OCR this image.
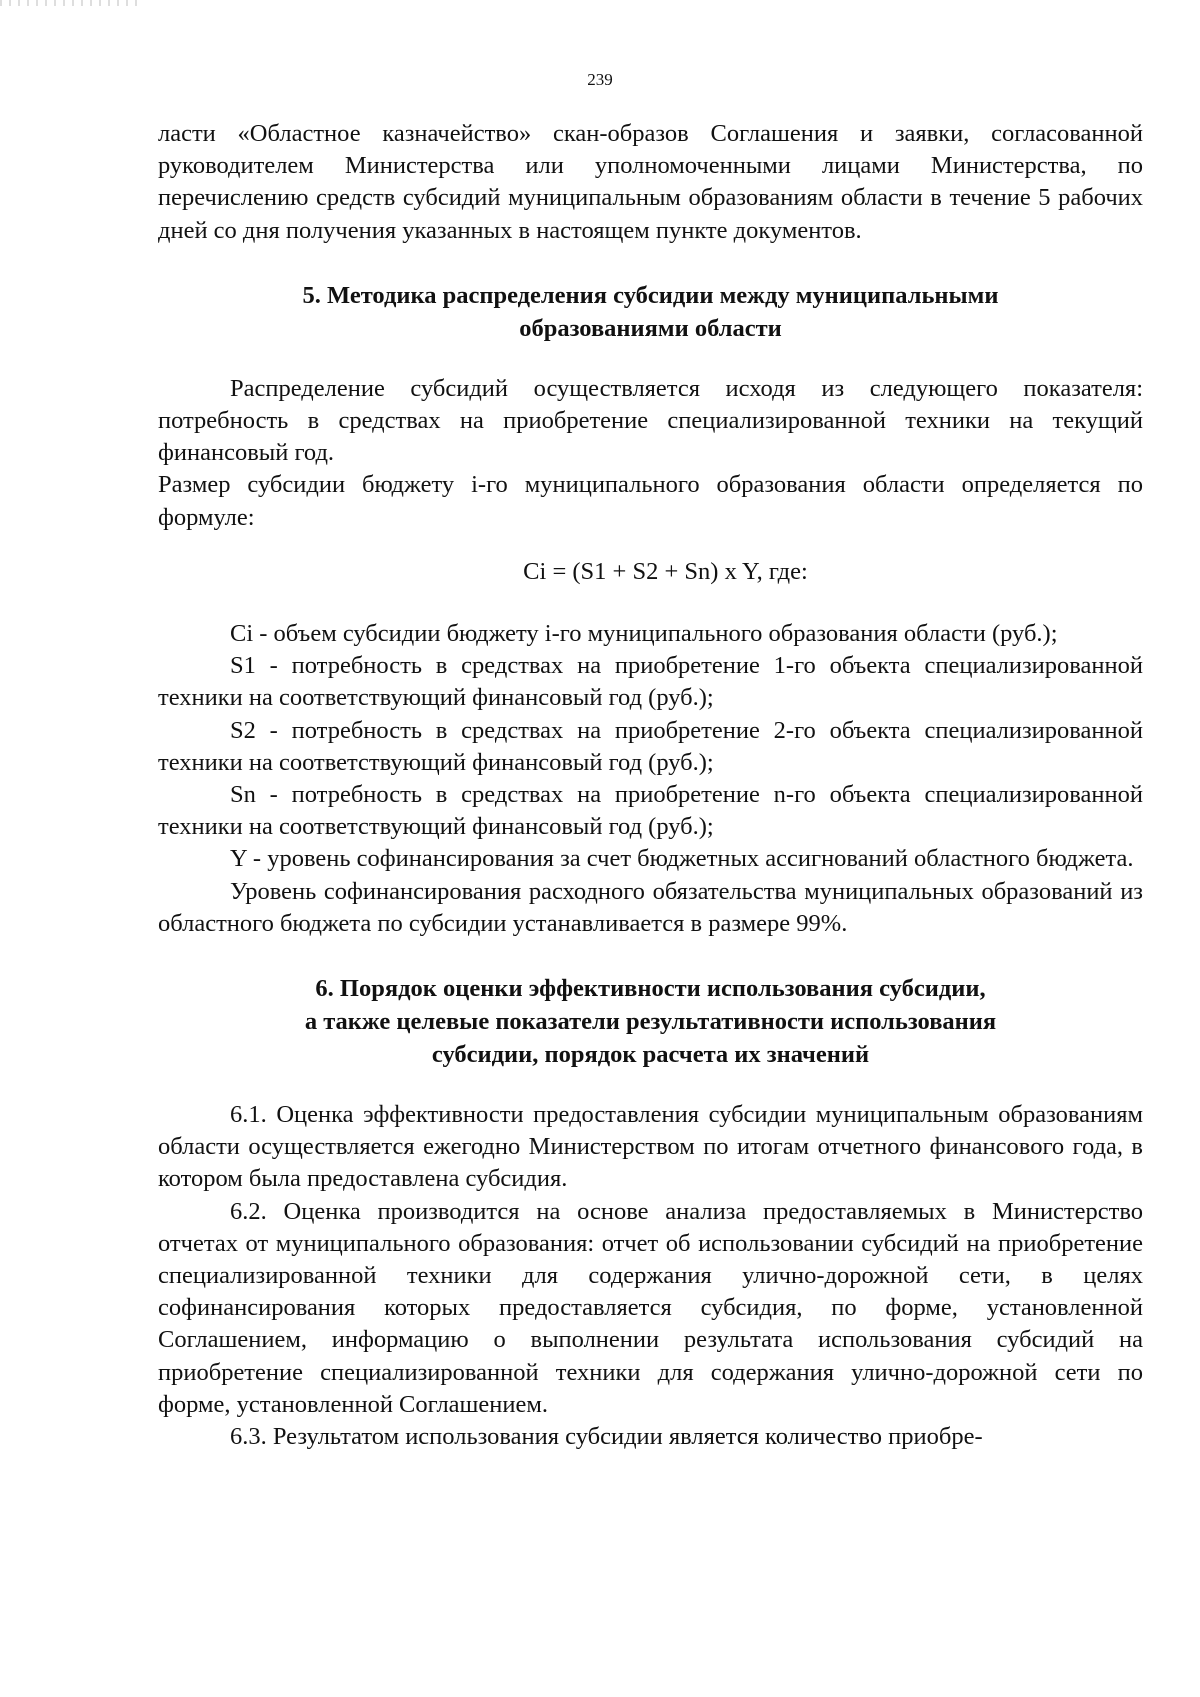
239

ласти «Областное казначейство» скан-образов Соглашения и заявки, согласованной руководителем Министерства или уполномоченными лицами Министерства, по перечислению средств субсидий муниципальным образованиям области в течение 5 рабочих дней со дня получения указанных в настоящем пункте документов.

5. Методика распределения субсидии между муниципальными
образованиями области

Распределение субсидий осуществляется исходя из следующего показателя: потребность в средствах на приобретение специализированной техники на текущий финансовый год.

Размер субсидии бюджету i-го муниципального образования области определяется по формуле:

Ci = (S1 + S2 + Sn) x Y, где:

Ci - объем субсидии бюджету i-го муниципального образования области (руб.);

S1 - потребность в средствах на приобретение 1-го объекта специализированной техники на соответствующий финансовый год (руб.);

S2 - потребность в средствах на приобретение 2-го объекта специализированной техники на соответствующий финансовый год (руб.);

Sn - потребность в средствах на приобретение n-го объекта специализированной техники на соответствующий финансовый год (руб.);

Y - уровень софинансирования за счет бюджетных ассигнований областного бюджета.

Уровень софинансирования расходного обязательства муниципальных образований из областного бюджета по субсидии устанавливается в размере 99%.

6. Порядок оценки эффективности использования субсидии,
а также целевые показатели результативности использования
субсидии, порядок расчета их значений

6.1. Оценка эффективности предоставления субсидии муниципальным образованиям области осуществляется ежегодно Министерством по итогам отчетного финансового года, в котором была предоставлена субсидия.

6.2. Оценка производится на основе анализа предоставляемых в Министерство отчетах от муниципального образования: отчет об использовании субсидий на приобретение специализированной техники для содержания улично-дорожной сети, в целях софинансирования которых предоставляется субсидия, по форме, установленной Соглашением, информацию о выполнении результата использования субсидий на приобретение специализированной техники для содержания улично-дорожной сети по форме, установленной Соглашением.

6.3. Результатом использования субсидии является количество приобре-
